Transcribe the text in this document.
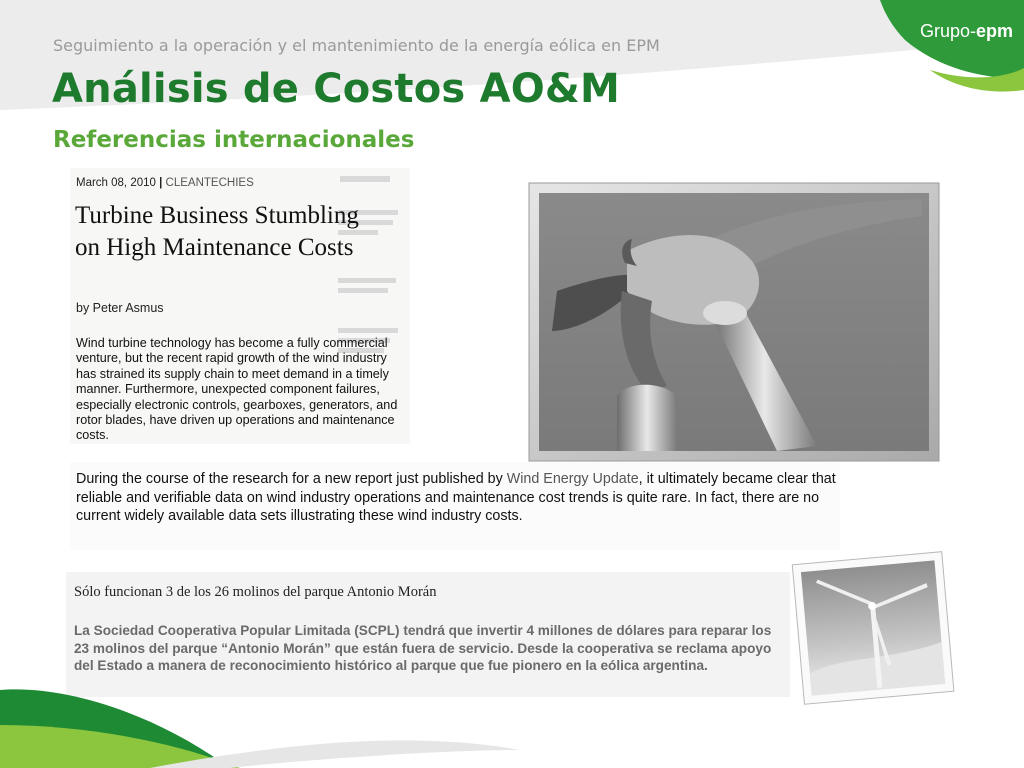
Grupo-epm
Seguimiento a la operación y el mantenimiento de la energía eólica en EPM
Análisis de Costos AO&M
Referencias internacionales
March 08, 2010 | CLEANTECHIES
Turbine Business Stumbling on High Maintenance Costs
by Peter Asmus
Wind turbine technology has become a fully commercial venture, but the recent rapid growth of the wind industry has strained its supply chain to meet demand in a timely manner. Furthermore, unexpected component failures, especially electronic controls, gearboxes, generators, and rotor blades, have driven up operations and maintenance costs.
During the course of the research for a new report just published by Wind Energy Update, it ultimately became clear that reliable and verifiable data on wind industry operations and maintenance cost trends is quite rare. In fact, there are no current widely available data sets illustrating these wind industry costs.
Sólo funcionan 3 de los 26 molinos del parque Antonio Morán
La Sociedad Cooperativa Popular Limitada (SCPL) tendrá que invertir 4 millones de dólares para reparar los 23 molinos del parque “Antonio Morán” que están fuera de servicio. Desde la cooperativa se reclama apoyo del Estado a manera de reconocimiento histórico al parque que fue pionero en la eólica argentina.
